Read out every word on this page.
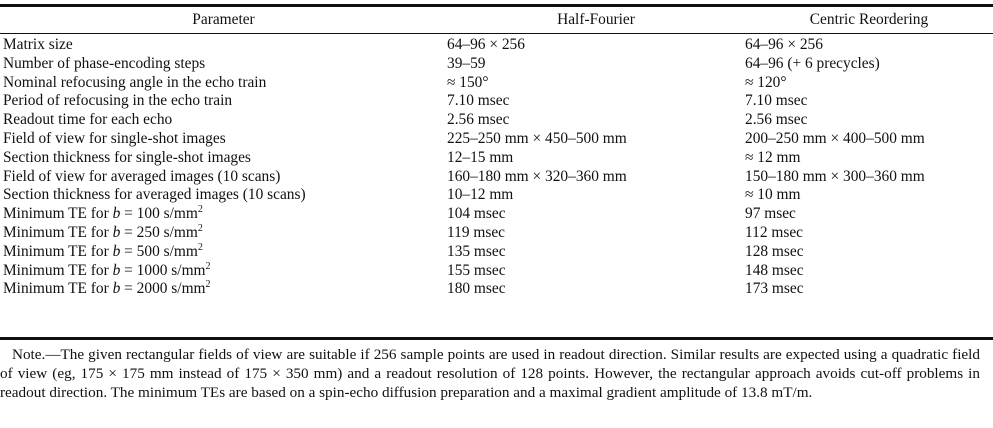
Parameter	Half-Fourier	Centric Reordering
Matrix size	64–96 × 256	64–96 × 256
Number of phase-encoding steps	39–59	64–96 (+ 6 precycles)
Nominal refocusing angle in the echo train	≈ 150°	≈ 120°
Period of refocusing in the echo train	7.10 msec	7.10 msec
Readout time for each echo	2.56 msec	2.56 msec
Field of view for single-shot images	225–250 mm × 450–500 mm	200–250 mm × 400–500 mm
Section thickness for single-shot images	12–15 mm	≈ 12 mm
Field of view for averaged images (10 scans)	160–180 mm × 320–360 mm	150–180 mm × 300–360 mm
Section thickness for averaged images (10 scans)	10–12 mm	≈ 10 mm
Minimum TE for b = 100 $s/mm^2$	104 msec	97 msec
Minimum TE for b = 250 $s/mm^2$	119 msec	112 msec
Minimum TE for b = 500 $s/mm^2$	135 msec	128 msec
Minimum TE for b = 1000 $s/mm^2$	155 msec	148 msec
Minimum TE for b = 2000 $s/mm^2$	180 msec	173 msec
Note.—The given rectangular fields of view are suitable if 256 sample points are used in readout direction. Similar results are expected using a quadratic field of view (eg, 175 × 175 mm instead of 175 × 350 mm) and a readout resolution of 128 points. However, the rectangular approach avoids cut-off problems in readout direction. The minimum TEs are based on a spin-echo diffusion preparation and a maximal gradient amplitude of 13.8 mT/m.
